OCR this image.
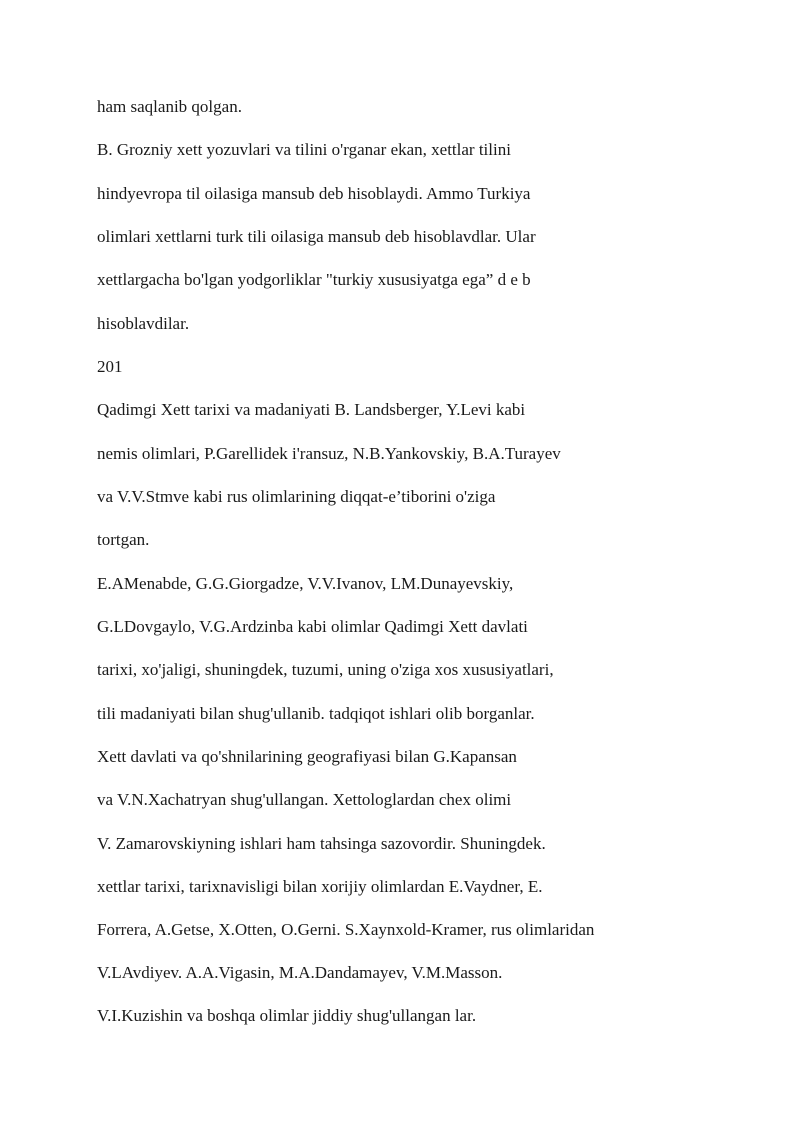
ham saqlanib qolgan.

B. Grozniy xett yozuvlari va tilini o'rganar ekan, xettlar tilini

hindyevropa til oilasiga mansub deb hisoblaydi. Ammo Turkiya

olimlari xettlarni turk tili oilasiga mansub deb hisoblavdlar. Ular

xettlargacha bo'lgan yodgorliklar "turkiy xususiyatga ega” d e b

hisoblavdilar.

201

Qadimgi Xett tarixi va madaniyati B. Landsberger, Y.Levi kabi

nemis olimlari, P.Garellidek i'ransuz, N.B.Yankovskiy, B.A.Turayev

va V.V.Stmve kabi rus olimlarining diqqat-e’tiborini o'ziga

tortgan.

E.AMenabde, G.G.Giorgadze, V.V.Ivanov, LM.Dunayevskiy,

G.LDovgaylo, V.G.Ardzinba kabi olimlar Qadimgi Xett davlati

tarixi, xo'jaligi, shuningdek, tuzumi, uning o'ziga xos xususiyatlari,

tili madaniyati bilan shug'ullanib. tadqiqot ishlari olib borganlar.

Xett davlati va qo'shnilarining geografiyasi bilan G.Kapansan

va V.N.Xachatryan shug'ullangan. Xettologlardan chex olimi

V. Zamarovskiyning ishlari ham tahsinga sazovordir. Shuningdek.

xettlar tarixi, tarixnavisligi bilan xorijiy olimlardan E.Vaydner, E.

Forrera, A.Getse, X.Otten, O.Gerni. S.Xaynxold-Kramer, rus olimlaridan

V.LAvdiyev. A.A.Vigasin, M.A.Dandamayev, V.M.Masson.

V.I.Kuzishin va boshqa olimlar jiddiy shug'ullangan lar.
